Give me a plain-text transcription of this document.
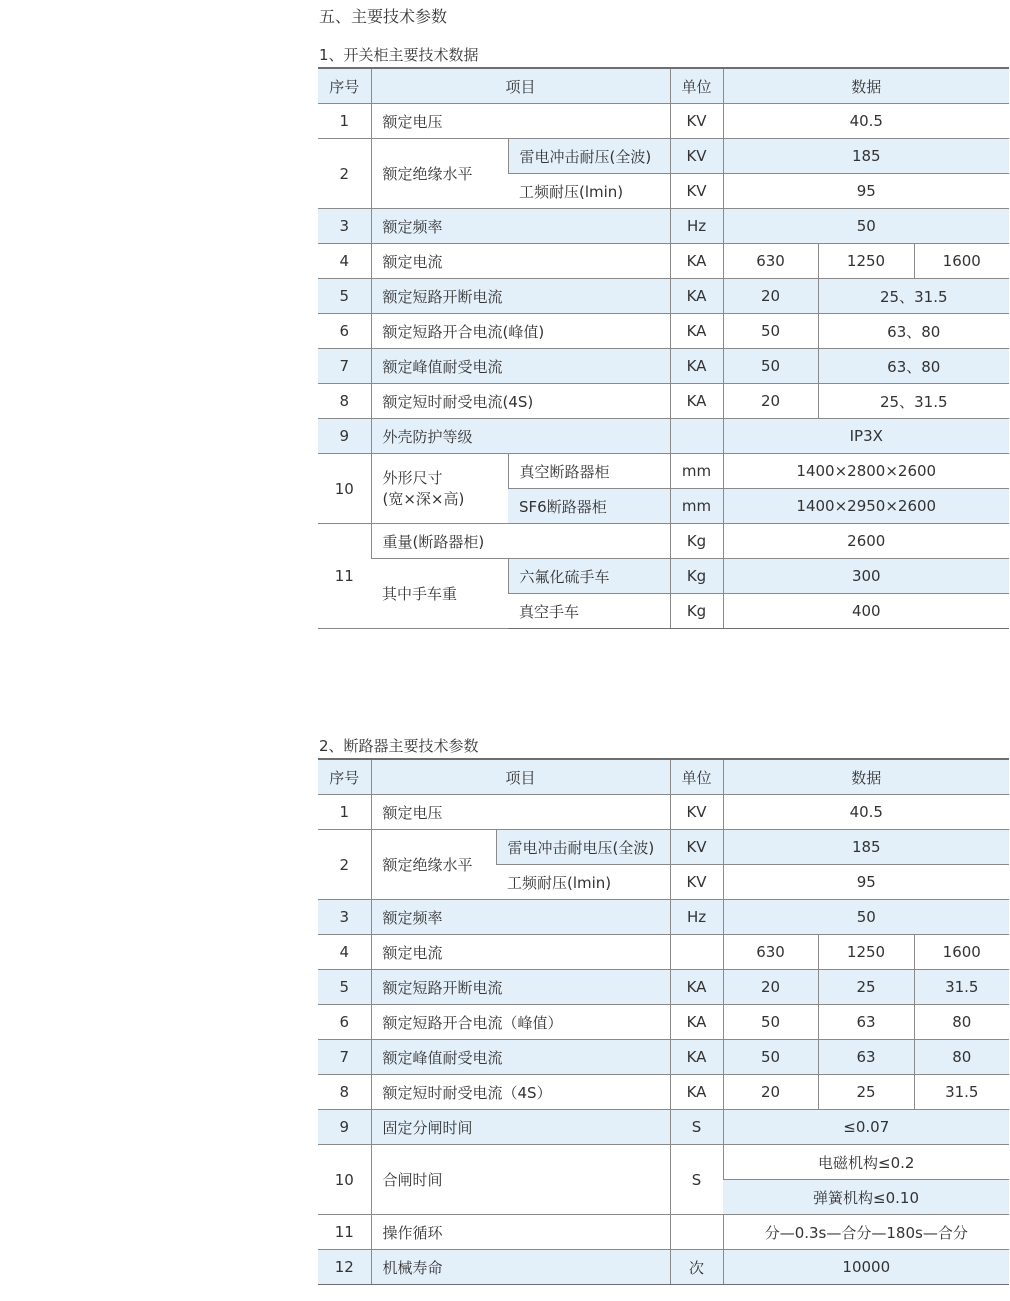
五、主要技术参数
1、开关柜主要技术数据
序号	项目		单位	数据		
1	额定电压		KV	40.5		
2	额定绝缘水平	雷电冲击耐压(全波)	KV	185		
		工频耐压(lmin)	KV	95		
3	额定频率		Hz	50		
4	额定电流		KA	630	1250	1600
5	额定短路开断电流		KA	20	25、31.5	
6	额定短路开合电流(峰值)		KA	50	63、80	
7	额定峰值耐受电流		KA	50	63、80	
8	额定短时耐受电流(4S)		KA	20	25、31.5	
9	外壳防护等级			IP3X		
10	外形尺寸
(宽×深×高)	真空断路器柜	mm	1400×2800×2600		
		SF6断路器柜	mm	1400×2950×2600		
11	重量(断路器柜)		Kg	2600		
	其中手车重	六氟化硫手车	Kg	300		
		真空手车	Kg	400		
2、断路器主要技术参数
序号	项目		单位	数据		
1	额定电压		KV	40.5		
2	额定绝缘水平	雷电冲击耐电压(全波)	KV	185		
		工频耐压(lmin)	KV	95		
3	额定频率		Hz	50		
4	额定电流			630	1250	1600
5	额定短路开断电流		KA	20	25	31.5
6	额定短路开合电流（峰值）		KA	50	63	80
7	额定峰值耐受电流		KA	50	63	80
8	额定短时耐受电流（4S）		KA	20	25	31.5
9	固定分闸时间		S	≤0.07		
10	合闸时间		S	电磁机构≤0.2		
				弹簧机构≤0.10		
11	操作循环			分—0.3s—合分—180s—合分		
12	机械寿命		次	10000		
